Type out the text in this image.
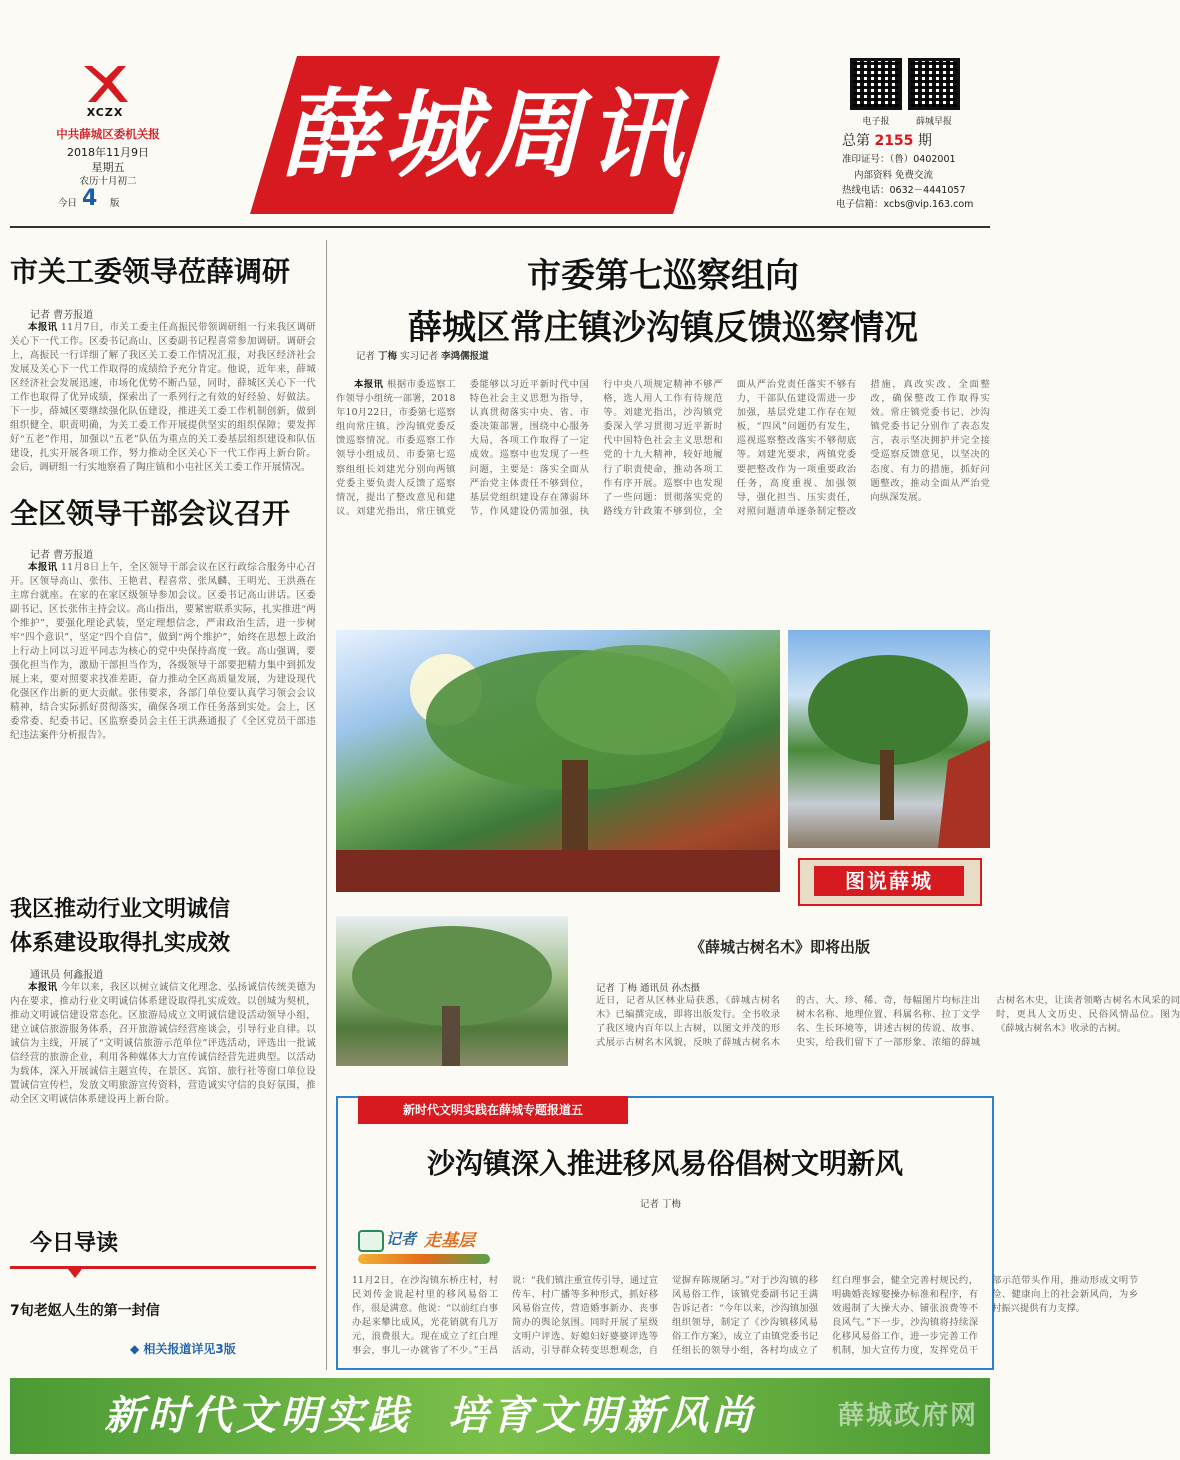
XCZX
中共薛城区委机关报
2018年11月9日
星期五
农历十月初二
今日 4 版
薛城周讯	电子报	薛城早报
总第 2155 期
准印证号：（鲁）0402001
内部资料 免费交流
热线电话：0632－4441057
电子信箱：xcbs@vip.163.com
市关工委领导莅薛调研
记者 曹芳报道
本报讯 11月7日，市关工委主任高振民带领调研组一行来我区调研关心下一代工作。区委书记高山、区委副书记程喜常参加调研。调研会上，高振民一行详细了解了我区关工委工作情况汇报，对我区经济社会发展及关心下一代工作取得的成绩给予充分肯定。他说，近年来，薛城区经济社会发展迅速，市场化优势不断凸显，同时，薛城区关心下一代工作也取得了优异成绩，探索出了一系列行之有效的好经验、好做法。下一步，薛城区要继续强化队伍建设，推进关工委工作机制创新，做到组织健全、职责明确，为关工委工作开展提供坚实的组织保障；要发挥好“五老”作用，加强以“五老”队伍为重点的关工委基层组织建设和队伍建设，扎实开展各项工作，努力推动全区关心下一代工作再上新台阶。会后，调研组一行实地察看了陶庄镇和小屯社区关工委工作开展情况。
全区领导干部会议召开
记者 曹芳报道
本报讯 11月8日上午，全区领导干部会议在区行政综合服务中心召开。区领导高山、张伟、王艳君、程喜常、张凤麟、王明光、王洪燕在主席台就座。在家的在家区级领导参加会议。区委书记高山讲话。区委副书记、区长张伟主持会议。高山指出，要紧密联系实际，扎实推进“两个维护”，要强化理论武装，坚定理想信念，严肃政治生活，进一步树牢“四个意识”，坚定“四个自信”，做到“两个维护”，始终在思想上政治上行动上同以习近平同志为核心的党中央保持高度一致。高山强调，要强化担当作为，激励干部担当作为，各级领导干部要把精力集中到抓发展上来，要对照要求找准差距，奋力推动全区高质量发展，为建设现代化强区作出新的更大贡献。张伟要求，各部门单位要认真学习领会会议精神，结合实际抓好贯彻落实，确保各项工作任务落到实处。会上，区委常委、纪委书记、区监察委员会主任王洪燕通报了《全区党员干部违纪违法案件分析报告》。
我区推动行业文明诚信
体系建设取得扎实成效
通讯员 何鑫报道
本报讯 今年以来，我区以树立诚信文化理念、弘扬诚信传统美德为内在要求，推动行业文明诚信体系建设取得扎实成效。以创城为契机，推动文明诚信建设常态化。区旅游局成立文明诚信建设活动领导小组，建立诚信旅游服务体系，召开旅游诚信经营座谈会，引导行业自律。以诚信为主线，开展了“文明诚信旅游示范单位”评选活动，评选出一批诚信经营的旅游企业，利用各种媒体大力宣传诚信经营先进典型。以活动为载体，深入开展诚信主题宣传，在景区、宾馆、旅行社等窗口单位设置诚信宣传栏，发放文明旅游宣传资料，营造诚实守信的良好氛围，推动全区文明诚信体系建设再上新台阶。
今日导读
7旬老妪人生的第一封信
◆ 相关报道详见3版
市委第七巡察组向
薛城区常庄镇沙沟镇反馈巡察情况
记者 丁梅 实习记者 李鸿儒报道
本报讯 根据市委巡察工作领导小组统一部署，2018年10月22日，市委第七巡察组向常庄镇、沙沟镇党委反馈巡察情况。市委巡察工作领导小组成员、市委第七巡察组组长刘建光分别向两镇党委主要负责人反馈了巡察情况，提出了整改意见和建议。刘建光指出，常庄镇党委能够以习近平新时代中国特色社会主义思想为指导，认真贯彻落实中央、省、市委决策部署，围绕中心服务大局，各项工作取得了一定成效。巡察中也发现了一些问题，主要是：落实全面从严治党主体责任不够到位，基层党组织建设存在薄弱环节，作风建设仍需加强，执行中央八项规定精神不够严格，选人用人工作有待规范等。刘建光指出，沙沟镇党委深入学习贯彻习近平新时代中国特色社会主义思想和党的十九大精神，较好地履行了职责使命，推动各项工作有序开展。巡察中也发现了一些问题：贯彻落实党的路线方针政策不够到位，全面从严治党责任落实不够有力，干部队伍建设需进一步加强，基层党建工作存在短板，“四风”问题仍有发生，巡视巡察整改落实不够彻底等。刘建光要求，两镇党委要把整改作为一项重要政治任务，高度重视、加强领导，强化担当、压实责任，对照问题清单逐条制定整改措施，真改实改、全面整改，确保整改工作取得实效。常庄镇党委书记、沙沟镇党委书记分别作了表态发言，表示坚决拥护并完全接受巡察反馈意见，以坚决的态度、有力的措施，抓好问题整改，推动全面从严治党向纵深发展。
图说薛城
《薛城古树名木》即将出版
记者 丁梅 通讯员 孙杰摄
近日，记者从区林业局获悉，《薛城古树名木》已编撰完成，即将出版发行。全书收录了我区境内百年以上古树，以图文并茂的形式展示古树名木风貌，反映了薛城古树名木的古、大、珍、稀、奇，每幅图片均标注出树木名称、地理位置、科属名称、拉丁文学名、生长环境等，讲述古树的传说、故事、史实，给我们留下了一部形象、浓缩的薛城古树名木史，让读者领略古树名木风采的同时，更具人文历史、民俗风情品位。图为《薛城古树名木》收录的古树。
新时代文明实践在薛城专题报道五
沙沟镇深入推进移风易俗倡树文明新风
记者 丁梅
记者 走基层
11月2日，在沙沟镇东桥庄村，村民刘传金说起村里的移风易俗工作，很是满意。他说：“以前红白事办起来攀比成风，光花销就有几万元，浪费很大。现在成立了红白理事会，事儿一办就省了不少。”王昌说：“我们镇注重宣传引导，通过宣传车、村广播等多种形式，抓好移风易俗宣传，营造婚事新办、丧事简办的舆论氛围。同时开展了星级文明户评选、好媳妇好婆婆评选等活动，引导群众转变思想观念，自觉摒弃陈规陋习。”对于沙沟镇的移风易俗工作，该镇党委副书记王满告诉记者：“今年以来，沙沟镇加强组织领导，制定了《沙沟镇移风易俗工作方案》，成立了由镇党委书记任组长的领导小组，各村均成立了红白理事会，健全完善村规民约，明确婚丧嫁娶操办标准和程序，有效遏制了大操大办、铺张浪费等不良风气。”下一步，沙沟镇将持续深化移风易俗工作，进一步完善工作机制，加大宣传力度，发挥党员干部示范带头作用，推动形成文明节俭、健康向上的社会新风尚，为乡村振兴提供有力支撑。
新时代文明实践  培育文明新风尚	薛城政府网
